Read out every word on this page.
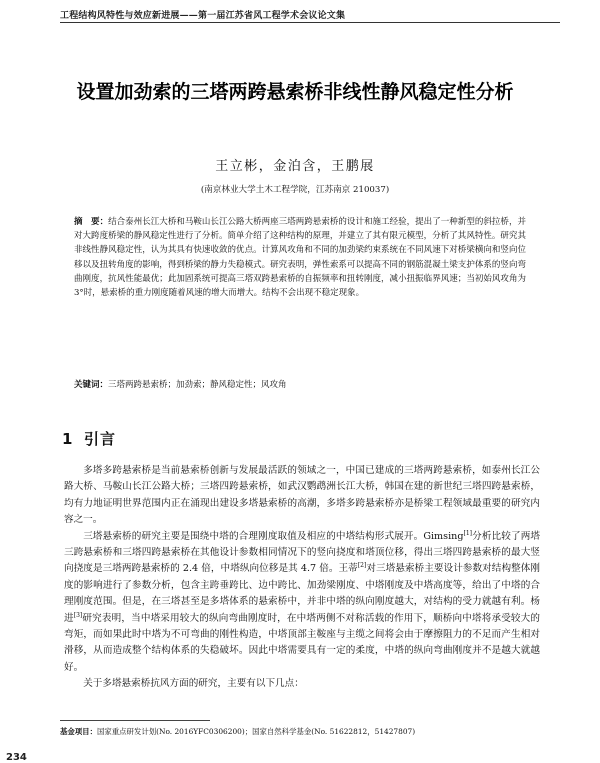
工程结构风特性与效应新进展——第一届江苏省风工程学术会议论文集
设置加劲索的三塔两跨悬索桥非线性静风稳定性分析
王立彬，金泊含，王鹏展
(南京林业大学土木工程学院，江苏南京 210037)
摘　要：结合泰州长江大桥和马鞍山长江公路大桥两座三塔两跨悬索桥的设计和施工经验，提出了一种新型的斜拉桥，并对大跨度桥梁的静风稳定性进行了分析。简单介绍了这种结构的原理，并建立了其有限元模型，分析了其风特性。研究其非线性静风稳定性，认为其具有快速收敛的优点。计算风攻角和不同的加劲梁约束系统在不同风速下对桥梁横向和竖向位移以及扭转角度的影响，得到桥梁的静力失稳模式。研究表明，弹性索系可以提高不同的钢筋混凝土梁支护体系的竖向弯曲刚度，抗风性能最优；此加固系统可提高三塔双跨悬索桥的自振频率和扭转刚度，减小扭振临界风速；当初始风攻角为3°时，悬索桥的重力刚度随着风速的增大而增大。结构不会出现不稳定现象。
关键词：三塔两跨悬索桥；加劲索；静风稳定性；风攻角
1 引言

多塔多跨悬索桥是当前悬索桥创新与发展最活跃的领域之一，中国已建成的三塔两跨悬索桥，如泰州长江公路大桥、马鞍山长江公路大桥；三塔四跨悬索桥，如武汉鹦鹉洲长江大桥，韩国在建的新世纪三塔四跨悬索桥，均有力地证明世界范围内正在涌现出建设多塔悬索桥的高潮，多塔多跨悬索桥亦是桥梁工程领域最重要的研究内容之一。

三塔悬索桥的研究主要是围绕中塔的合理刚度取值及相应的中塔结构形式展开。Gimsing[1]分析比较了两塔三跨悬索桥和三塔四跨悬索桥在其他设计参数相同情况下的竖向挠度和塔顶位移，得出三塔四跨悬索桥的最大竖向挠度是三塔两跨悬索桥的 2.4 倍，中塔纵向位移是其 4.7 倍。王蒂[2]对三塔悬索桥主要设计参数对结构整体刚度的影响进行了参数分析，包含主跨垂跨比、边中跨比、加劲梁刚度、中塔刚度及中塔高度等，给出了中塔的合理刚度范围。但是，在三塔甚至是多塔体系的悬索桥中，并非中塔的纵向刚度越大，对结构的受力就越有利。杨进[3]研究表明，当中塔采用较大的纵向弯曲刚度时，在中塔两侧不对称活载的作用下，顺桥向中塔将承受较大的弯矩，而如果此时中塔为不可弯曲的刚性构造，中塔顶部主鞍座与主缆之间将会由于摩擦阻力的不足而产生相对滑移，从而造成整个结构体系的失稳破坏。因此中塔需要具有一定的柔度，中塔的纵向弯曲刚度并不是越大就越好。

关于多塔悬索桥抗风方面的研究，主要有以下几点：

基金项目：国家重点研发计划(No. 2016YFC0306200)；国家自然科学基金(No. 51622812，51427807)
234
